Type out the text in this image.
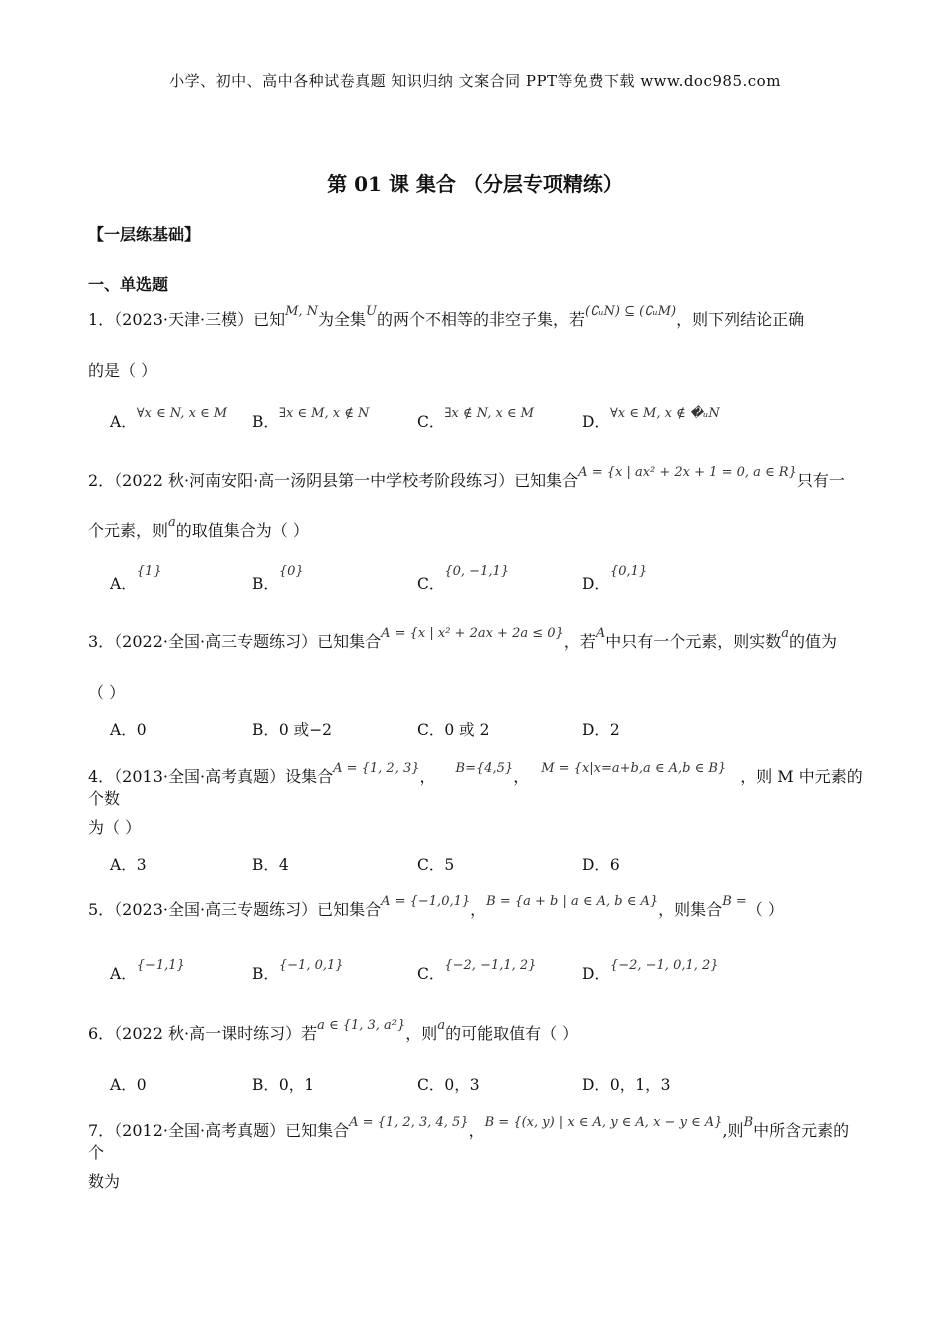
小学、初中、高中各种试卷真题 知识归纳 文案合同 PPT等免费下载 www.doc985.com
第 01 课 集合 （分层专项精练）
【一层练基础】
一、单选题
1．（2023·天津·三模）已知$^{M, N}$为全集$^U$的两个不相等的非空子集，若$^{(∁ᵤN) ⊆ (∁ᵤM)}$，则下列结论正确
的是（ ）
A．$^{\forall x \in N, x \in M}$ B．$^{\exists x \in M, x \notin N}$	C．$^{\exists x \notin N, x \in M}$	D．$^{\forall x \in M, x \notin �ᵤN}$
2．（2022 秋·河南安阳·高一汤阴县第一中学校考阶段练习）已知集合$^{A = \{x | ax^2 + 2x + 1 = 0, a \in R\}}$只有一
个元素，则$^a$的取值集合为（ ）
A．$^{\{1\}}$
B．$^{\{0\}}$
C．$^{\{0, -1,1\}}$
D．$^{\{0,1\}}$
3．（2022·全国·高三专题练习）已知集合$^{A = \{x | x^2 + 2ax + 2a \le 0\}}$，若$^A$中只有一个元素，则实数$^a$的值为
（ ）
A．0	B．0 或−2	C．0 或 2	D．2
4．（2013·全国·高考真题）设集合$^{A = \{1, 2, 3\}}$， $^{B=\{4,5\}}$， $^{M = \{x|x=a+b,a \in A,b \in B\}}$ ，则 M 中元素的个数
为（ ）
A．3	B．4	C．5	D．6
5．（2023·全国·高三专题练习）已知集合$^{A = \{-1,0,1\}}$，$^{B = \{a + b | a \in A, b \in A\}}$，则集合$^{B =}$（ ）
A．$^{\{-1,1\}}$	B．$^{\{-1, 0,1\}}$	C．$^{\{-2, -1,1, 2\}}$	D．$^{\{-2, -1, 0,1, 2\}}$
6．（2022 秋·高一课时练习）若$^{a \in \{1, 3, a^2\}}$，则$^a$的可能取值有（ ）
A．0	B．0，1	C．0，3	D．0，1，3
7．（2012·全国·高考真题）已知集合$^{A = \{1, 2, 3, 4, 5\}}$，$^{B = \{(x, y) | x \in A, y \in A, x - y \in A\}}$,则$^B$中所含元素的个
数为
